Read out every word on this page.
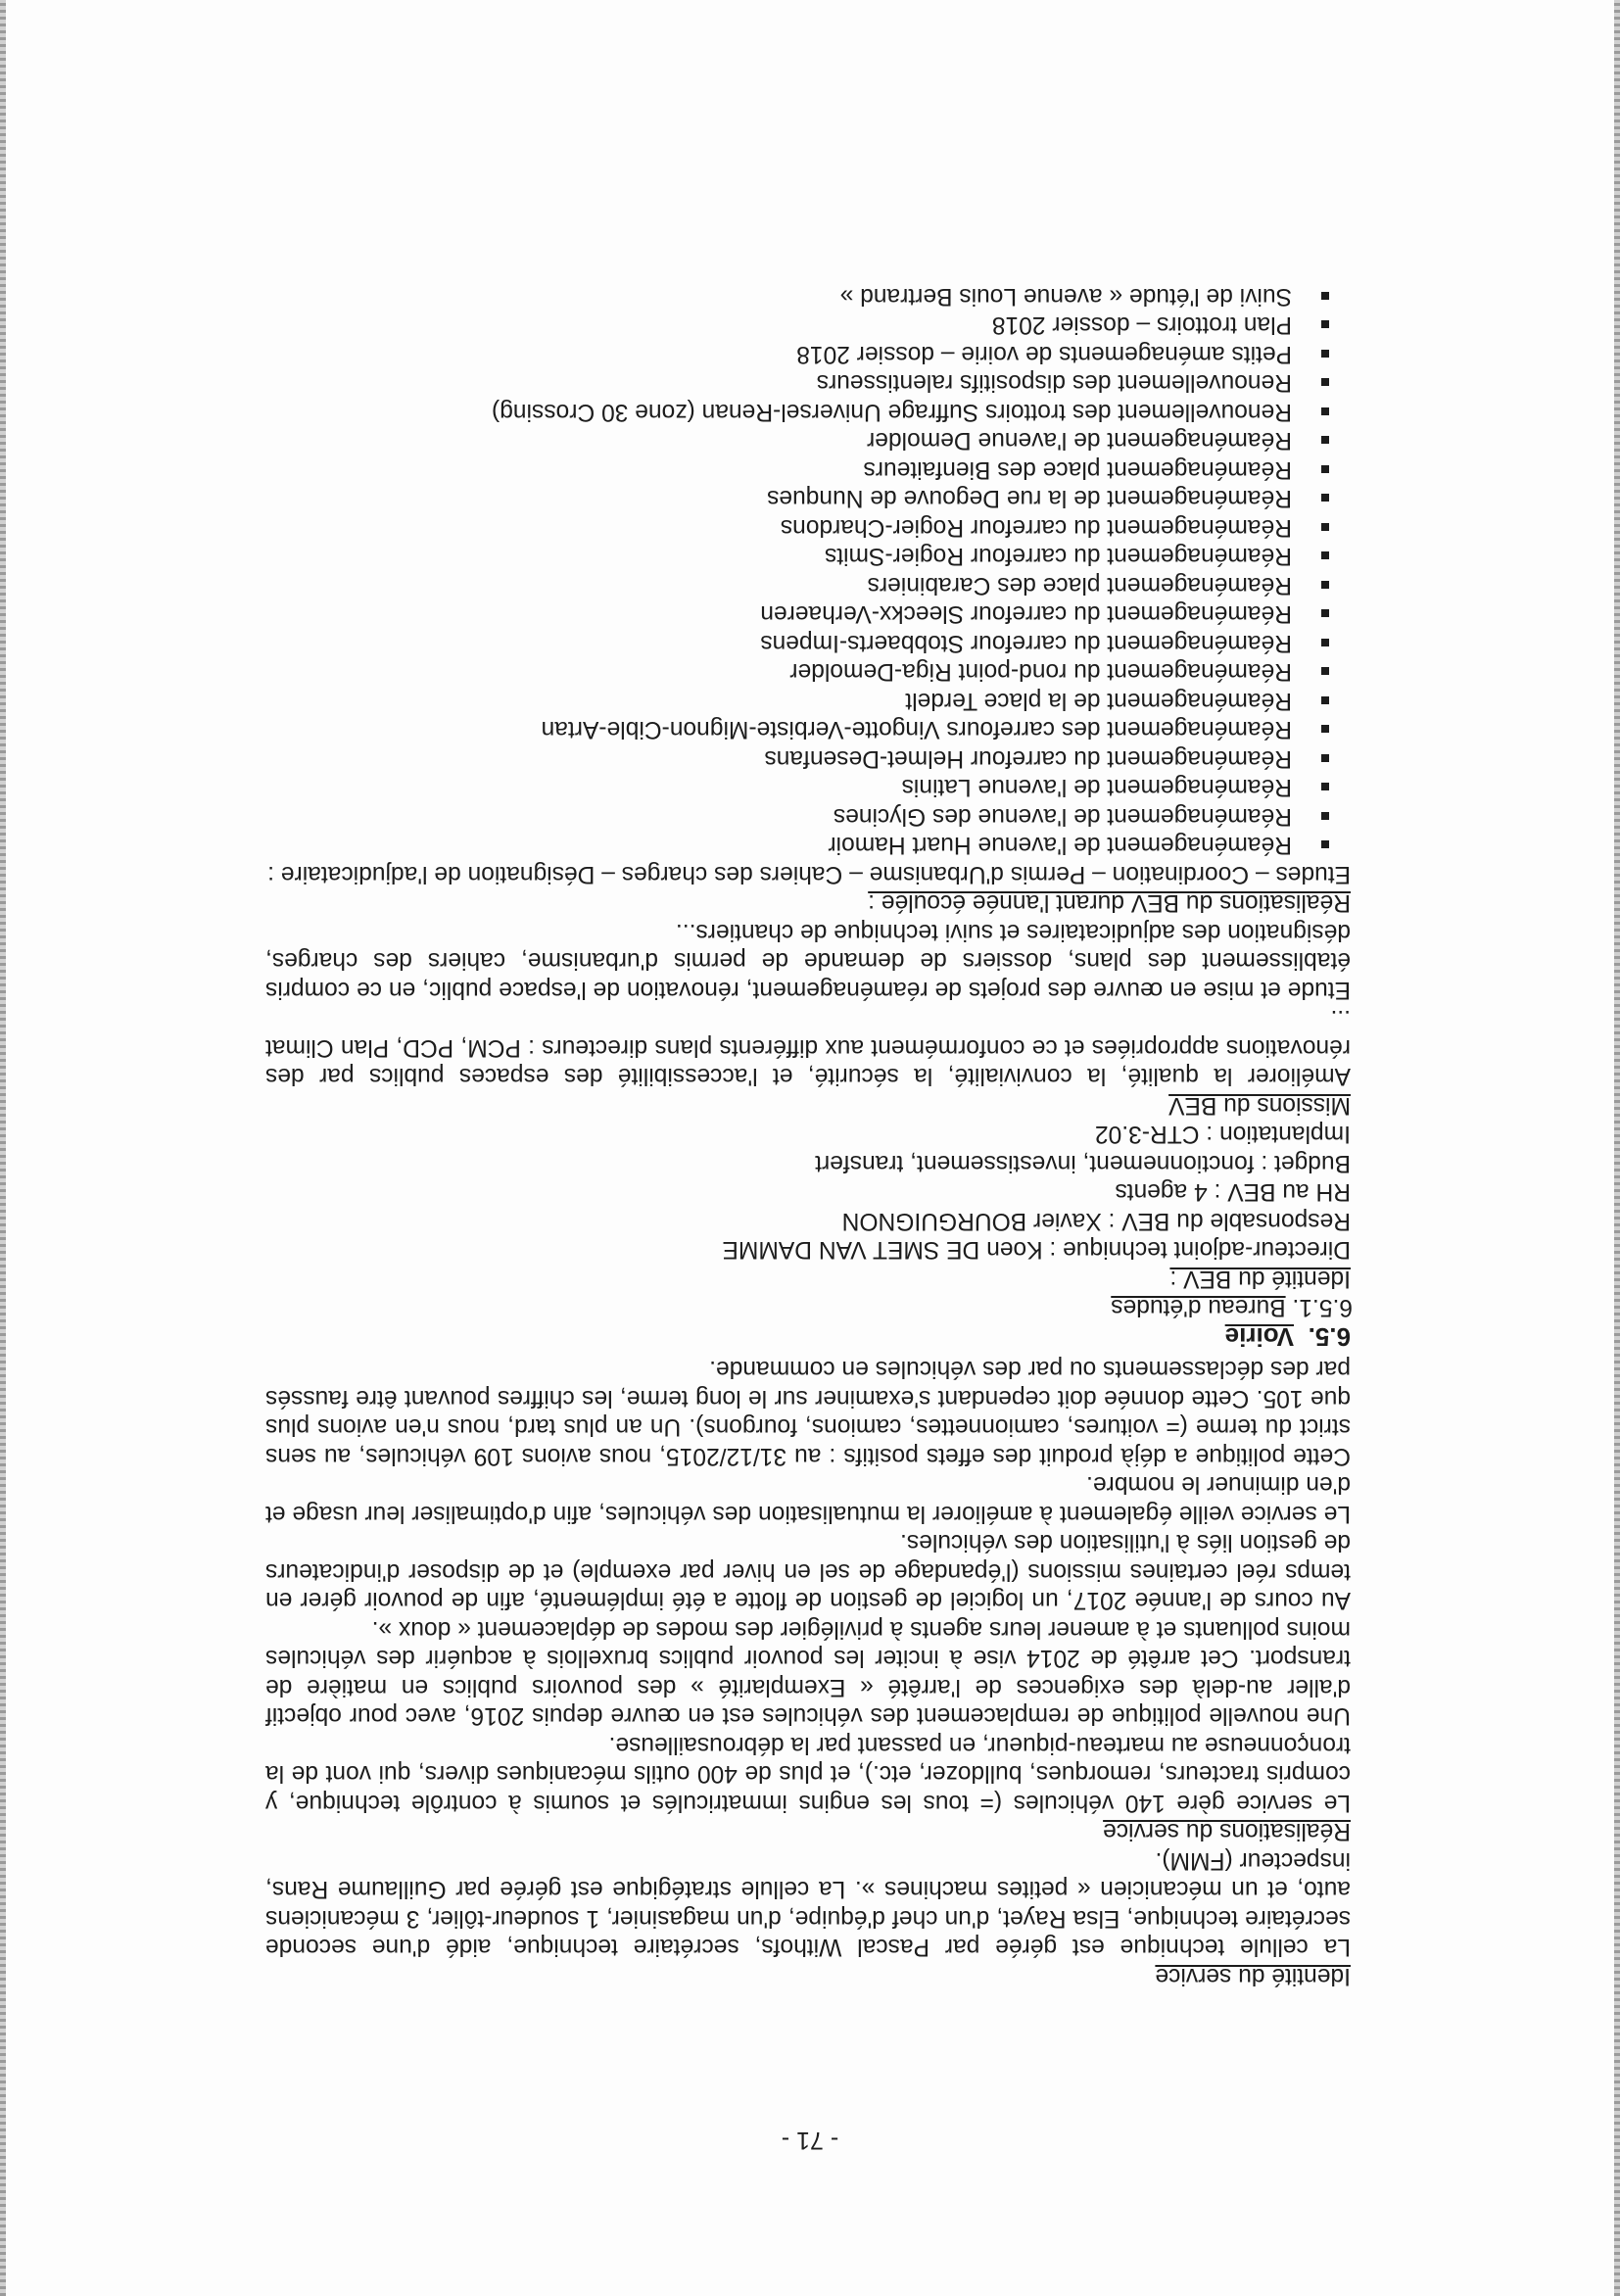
- 71 -
Identité du service

La cellule technique est gérée par Pascal Withofs, secrétaire technique, aidé d'une seconde secrétaire technique, Elsa Rayet, d'un chef d'équipe, d'un magasinier, 1 soudeur-tôlier, 3 mécaniciens auto, et un mécanicien « petites machines ». La cellule stratégique est gérée par Guillaume Rans, inspecteur (FMM).

Réalisations du service

Le service gère 140 véhicules (= tous les engins immatriculés et soumis à contrôle technique, y compris tracteurs, remorques, bulldozer, etc.), et plus de 400 outils mécaniques divers, qui vont de la tronçonneuse au marteau-piqueur, en passant par la débrousailleuse.

Une nouvelle politique de remplacement des véhicules est en œuvre depuis 2016, avec pour objectif d'aller au-delà des exigences de l'arrêté « Exemplarité » des pouvoirs publics en matière de transport. Cet arrêté de 2014 vise à inciter les pouvoir publics bruxellois à acquérir des véhicules moins polluants et à amener leurs agents à privilégier des modes de déplacement « doux ».

Au cours de l'année 2017, un logiciel de gestion de flotte a été implémenté, afin de pouvoir gérer en temps réel certaines missions (l'épandage de sel en hiver par exemple) et de disposer d'indicateurs de gestion liés à l'utilisation des véhicules.

Le service veille également à améliorer la mutualisation des véhicules, afin d'optimaliser leur usage et d'en diminuer le nombre.

Cette politique a déjà produit des effets positifs : au 31/12/2015, nous avions 109 véhicules, au sens strict du terme (= voitures, camionnettes, camions, fourgons). Un an plus tard, nous n'en avions plus que 105. Cette donnée doit cependant s'examiner sur le long terme, les chiffres pouvant être faussés par des déclassements ou par des véhicules en commande.

6.5.Voirie
6.5.1. Bureau d'études
Identité du BEV :
Directeur-adjoint technique : Koen DE SMET VAN DAMME
Responsable du BEV : Xavier BOURGUIGNON
RH au BEV : 4 agents
Budget : fonctionnement, investissement, transfert
Implantation : CTR-3.02
Missions du BEV

Améliorer la qualité, la convivialité, la sécurité, et l'accessibilité des espaces publics par des rénovations appropriées et ce conformément aux différents plans directeurs : PCM, PCD, Plan Climat ...

Etude et mise en œuvre des projets de réaménagement, rénovation de l'espace public, en ce compris établissement des plans, dossiers de demande de permis d'urbanisme, cahiers des charges, désignation des adjudicataires et suivi technique de chantiers...

Réalisations du BEV durant l'année écoulée :
Etudes – Coordination – Permis d'Urbanisme – Cahiers des charges – Désignation de l'adjudicataire :
Réaménagement de l'avenue Huart Hamoir
Réaménagement de l'avenue des Glycines
Réaménagement de l'avenue Latinis
Réaménagement du carrefour Helmet-Desenfans
Réaménagement des carrefours Vingotte-Verbiste-Mignon-Cible-Artan
Réaménagement de la place Terdelt
Réaménagement du rond-point Riga-Demolder
Réaménagement du carrefour Stobbaerts-Impens
Réaménagement du carrefour Sleeckx-Verhaeren
Réaménagement place des Carabiniers
Réaménagement du carrefour Rogier-Smits
Réaménagement du carrefour Rogier-Chardons
Réaménagement de la rue Degouve de Nunques
Réaménagement place des Bienfaiteurs
Réaménagement de l'avenue Demolder
Renouvellement des trottoirs Suffrage Universel-Renan (zone 30 Crossing)
Renouvellement des dispositifs ralentisseurs
Petits aménagements de voirie – dossier 2018
Plan trottoirs – dossier 2018
Suivi de l'étude « avenue Louis Bertrand »
